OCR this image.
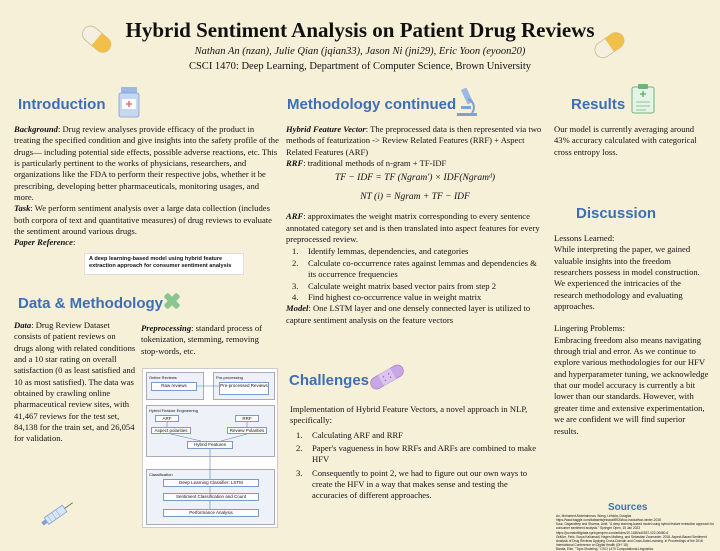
Hybrid Sentiment Analysis on Patient Drug Reviews
Nathan An (nzan), Julie Qian (jqian33), Jason Ni (jni29), Eric Yoon (eyoon20)
CSCI 1470: Deep Learning, Department of Computer Science, Brown University
Introduction
Background: Drug review analyses provide efficacy of the product in treating the specified condition and give insights into the safety profile of the drugs— including potential side effects, possible adverse reactions, etc. This is particularly pertinent to the works of physicians, researchers, and organizations like the FDA to perform their respective jobs, whether it be prescribing, developing better pharmaceuticals, monitoring usages, and more.
Task: We perform sentiment analysis over a large data collection (includes both corpora of text and quantitative measures) of drug reviews to evaluate the sentiment around various drugs.
Paper Reference:
A deep learning-based model using hybrid feature extraction approach for consumer sentiment analysis
Data & Methodology
Data: Drug Review Dataset consists of patient reviews on drugs along with related conditions and a 10 star rating on overall satisfaction (0 as least satisfied and 10 as most satisfied). The data was obtained by crawling online pharmaceutical review sites, with 41,467 reviews for the test set, 84,138 for the train set, and 26,054 for validation.
Preprocessing: standard process of tokenization, stemming, removing stop-words, etc.
Online Reviews
Raw reviews
Pre-processing
Pre-processed Reviews
Hybrid Feature Engineering
ARF	RRF
Aspect polarities	Review Polarities
Hybrid Features
Classification
Deep Learning Classifier: LSTM
Sentiment Classification and Count
Performance Analysis
Methodology continued
Hybrid Feature Vector: The preprocessed data is then represented via two methods of featurization -> Review Related Features (RRF) + Aspect Related Features (ARF)
RRF: traditional methods of n-gram + TF-IDF
TF − IDF = TF (Ngram') × IDF(Ngramᵈ)
NT (i) = Ngram + TF − IDF
ARF: approximates the weight matrix corresponding to every sentence annotated category set and is then translated into aspect features for every preprocessed review.
1. Identify lemmas, dependencies, and categories
2. Calculate co-occurrence rates against lemmas and dependencies & its occurrence frequencies
3. Calculate weight matrix based vector pairs from step 2
4. Find highest co-occurrence value in weight matrix
Model: One LSTM layer and one densely connected layer is utilized to capture sentiment analysis on the feature vectors
Challenges
Implementation of Hybrid Feature Vectors, a novel approach in NLP, specifically:
1. Calculating ARF and RRF
2. Paper's vagueness in how RRFs and ARFs are combined to make HFV
3. Consequently to point 2, we had to figure out our own ways to create the HFV in a way that makes sense and testing the accuracies of different approaches.
Results
Our model is currently averaging around 43% accuracy calculated with categorical cross entropy loss.
Discussion
Lessons Learned:
While interpreting the paper, we gained valuable insights into the freedom researchers possess in model construction. We experienced the intricacies of the research methodology and evaluating approaches.
Lingering Problems:
Embracing freedom also means navigating through trial and error. As we continue to explore various methodologies for our HFV and hyperparameter tuning, we acknowledge that our model accuracy is currently a bit lower than our standards. However, with greater time and extensive experimentation, we are confident we will find superior results.
Sources
An, Mohamed Abdelrahman, Wang, Lehtola, Douglas
https://www.kaggle.com/datasets/jessicali9530/kuc-hackathon-winter-2018
Kaur, Gagandeep and Sharma, Amit. "A deep learning-based model using hybrid feature extraction approach for consumer sentiment analysis." Springer Open, 15 Jan 2023
https://journalofbigdata.springeropen.com/articles/10.1186/s40537-022-00680-6
Gräßer, Felix, Surya Kallumadi, Hagen Malberg, and Sebastian Zaunseder. 2018. Aspect-Based Sentiment Analysis of Drug Reviews Applying Cross-Domain and Cross-Data Learning. In Proceedings of the 2018 International Conference on Digital Health (DH '18).
Bardia, Elke. "Topic Modeling." CSCI 1470 Computational Linguistics.
